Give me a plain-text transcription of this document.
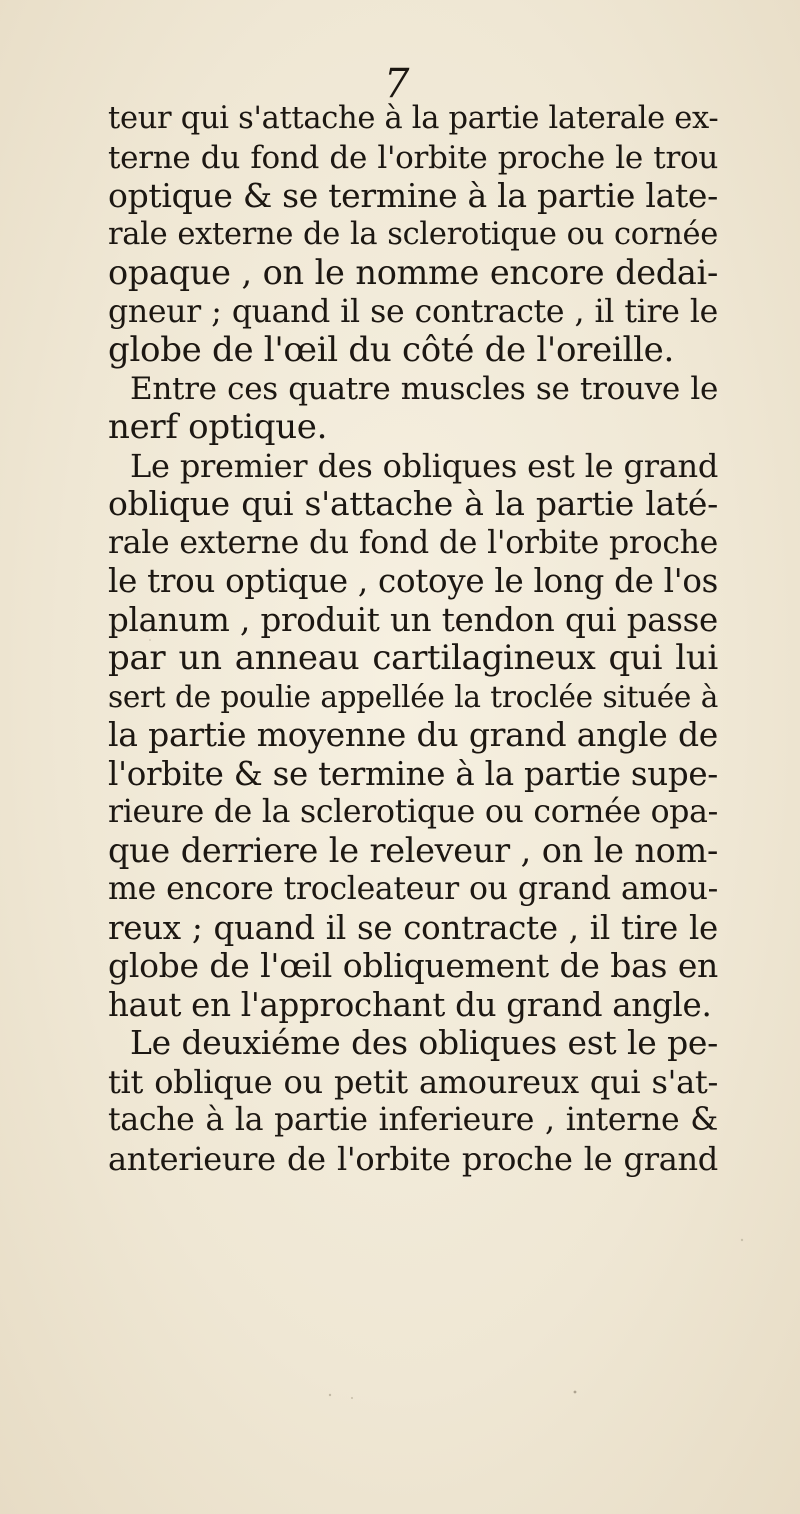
7
teur qui s'attache à la partie laterale ex-
terne du fond de l'orbite proche le trou
optique & se termine à la partie late-
rale externe de la sclerotique ou cornée
opaque , on le nomme encore dedai-
gneur ; quand il se contracte , il tire le
globe de l'œil du côté de l'oreille.
Entre ces quatre muscles se trouve le
nerf optique.
Le premier des obliques est le grand
oblique qui s'attache à la partie laté-
rale externe du fond de l'orbite proche
le trou optique , cotoye le long de l'os
planum , produit un tendon qui passe
par un anneau cartilagineux qui lui
sert de poulie appellée la troclée située à
la partie moyenne du grand angle de
l'orbite & se termine à la partie supe-
rieure de la sclerotique ou cornée opa-
que derriere le releveur , on le nom-
me encore trocleateur ou grand amou-
reux ; quand il se contracte , il tire le
globe de l'œil obliquement de bas en
haut en l'approchant du grand angle.
Le deuxiéme des obliques est le pe-
tit oblique ou petit amoureux qui s'at-
tache à la partie inferieure , interne &
anterieure de l'orbite proche le grand
